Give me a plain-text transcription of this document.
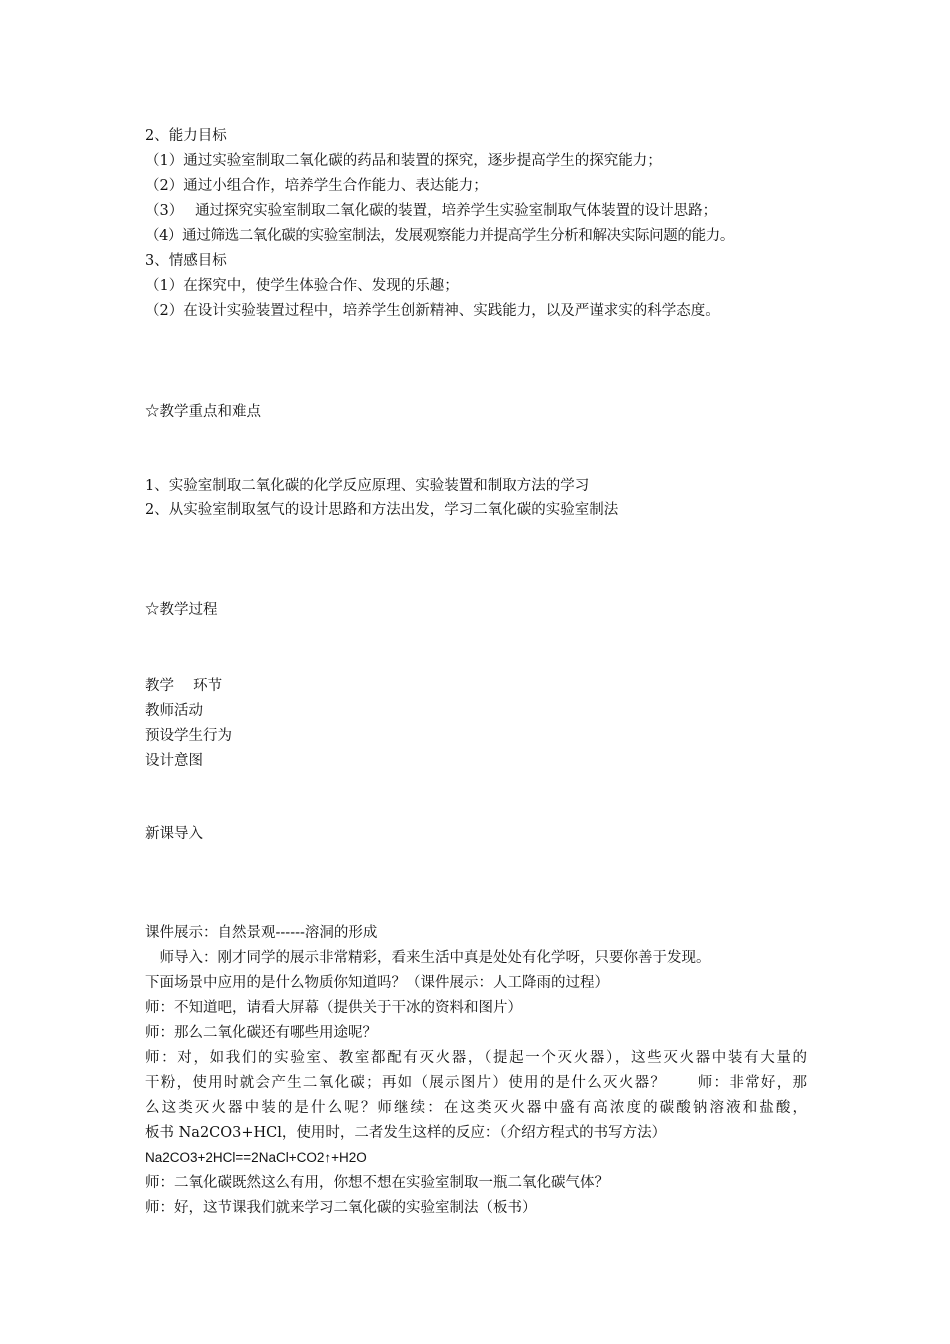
2、能力目标

（1）通过实验室制取二氧化碳的药品和装置的探究，逐步提高学生的探究能力；

（2）通过小组合作，培养学生合作能力、表达能力；

（3）　 通过探究实验室制取二氧化碳的装置，培养学生实验室制取气体装置的设计思路；

（4）通过筛选二氧化碳的实验室制法，发展观察能力并提高学生分析和解决实际问题的能力。

3、情感目标

（1）在探究中，使学生体验合作、发现的乐趣；

（2）在设计实验装置过程中，培养学生创新精神、实践能力，以及严谨求实的科学态度。

☆教学重点和难点

1、实验室制取二氧化碳的化学反应原理、实验装置和制取方法的学习

2、从实验室制取氢气的设计思路和方法出发，学习二氧化碳的实验室制法

☆教学过程

教学　 环节

教师活动

预设学生行为

设计意图

新课导入

课件展示：自然景观------溶洞的形成

　师导入：刚才同学的展示非常精彩，看来生活中真是处处有化学呀，只要你善于发现。

下面场景中应用的是什么物质你知道吗？（课件展示：人工降雨的过程）

师：不知道吧，请看大屏幕（提供关于干冰的资料和图片）

师：那么二氧化碳还有哪些用途呢？

师：对，如我们的实验室、教室都配有灭火器，（提起一个灭火器），这些灭火器中装有大量的

干粉，使用时就会产生二氧化碳；再如（展示图片）使用的是什么灭火器？　　师：非常好，那

么这类灭火器中装的是什么呢？师继续：在这类灭火器中盛有高浓度的碳酸钠溶液和盐酸，

板书 Na2CO3+HCl，使用时，二者发生这样的反应：（介绍方程式的书写方法）

Na2CO3+2HCl==2NaCl+CO2↑+H2O

师：二氧化碳既然这么有用，你想不想在实验室制取一瓶二氧化碳气体？

师：好，这节课我们就来学习二氧化碳的实验室制法（板书）
